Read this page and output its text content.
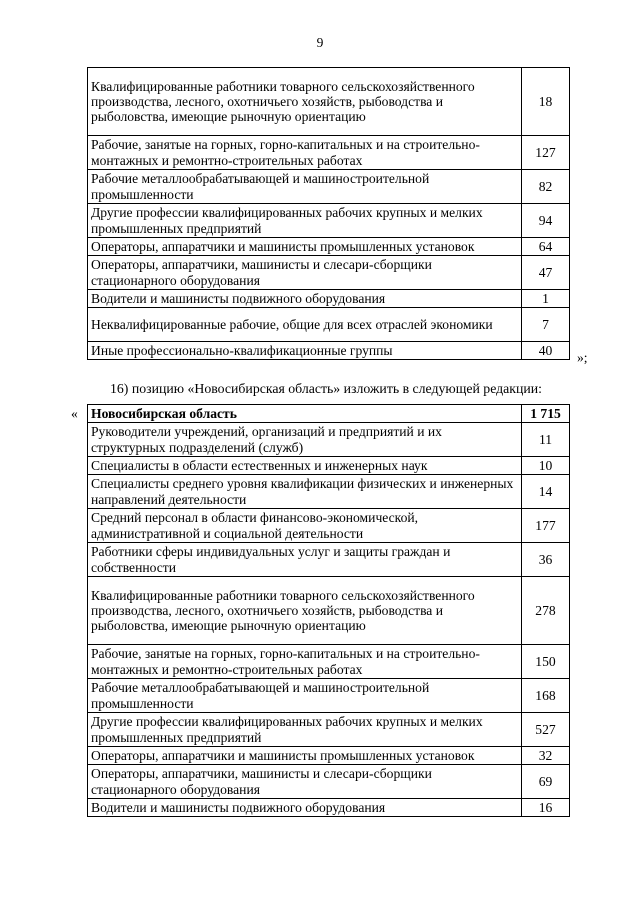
9
Квалифицированные работники товарного сельскохозяйственного производства, лесного, охотничьего хозяйств, рыбоводства и рыболовства, имеющие рыночную ориентацию	18
Рабочие, занятые на горных, горно-капитальных и на строительно-монтажных и ремонтно-строительных работах	127
Рабочие металлообрабатывающей и машиностроительной промышленности	82
Другие профессии квалифицированных рабочих крупных и мелких промышленных предприятий	94
Операторы, аппаратчики и машинисты промышленных установок	64
Операторы, аппаратчики, машинисты и слесари-сборщики стационарного оборудования	47
Водители и машинисты подвижного оборудования	1
Неквалифицированные рабочие, общие для всех отраслей экономики	7
Иные профессионально-квалификационные группы	40 »;
16) позицию «Новосибирская область» изложить в следующей редакции:
« Новосибирская область	1 715
Руководители учреждений, организаций и предприятий и их структурных подразделений (служб)	11
Специалисты в области естественных и инженерных наук	10
Специалисты среднего уровня квалификации физических и инженерных направлений деятельности	14
Средний персонал в области финансово-экономической, административной и социальной деятельности	177
Работники сферы индивидуальных услуг и защиты граждан и собственности	36
Квалифицированные работники товарного сельскохозяйственного производства, лесного, охотничьего хозяйств, рыбоводства и рыболовства, имеющие рыночную ориентацию	278
Рабочие, занятые на горных, горно-капитальных и на строительно-монтажных и ремонтно-строительных работах	150
Рабочие металлообрабатывающей и машиностроительной промышленности	168
Другие профессии квалифицированных рабочих крупных и мелких промышленных предприятий	527
Операторы, аппаратчики и машинисты промышленных установок	32
Операторы, аппаратчики, машинисты и слесари-сборщики стационарного оборудования	69
Водители и машинисты подвижного оборудования	16
